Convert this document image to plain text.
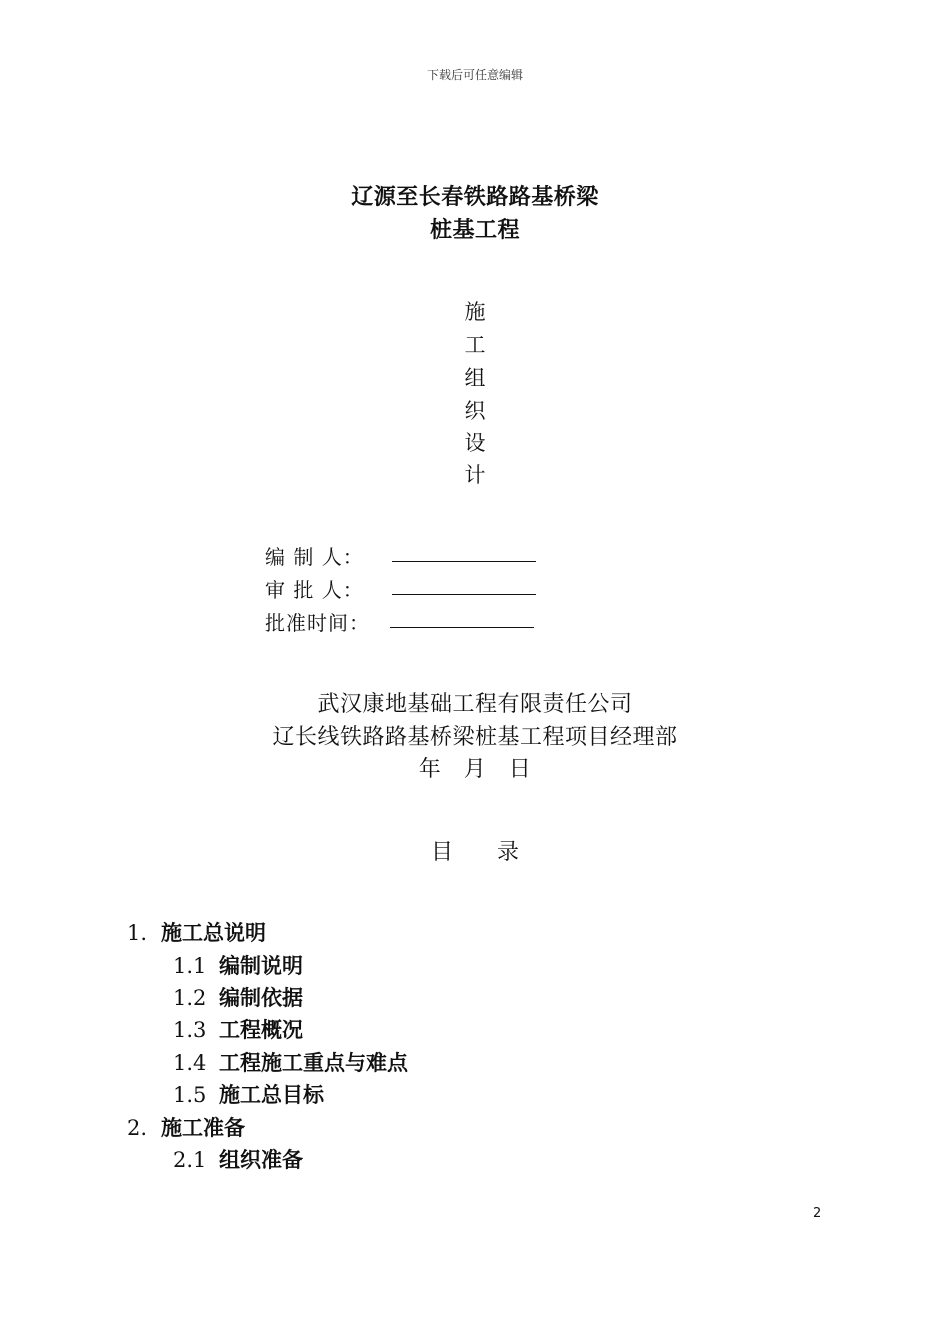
下载后可任意编辑
辽源至长春铁路路基桥梁
桩基工程
施
工
组
织
设
计
编 制 人：
审 批 人：
批准时间：
武汉康地基础工程有限责任公司
辽长线铁路路基桥梁桩基工程项目经理部
年　月　日
目　　录
1. 施工总说明
1.1 编制说明
1.2 编制依据
1.3 工程概况
1.4 工程施工重点与难点
1.5 施工总目标
2. 施工准备
2.1 组织准备
2
